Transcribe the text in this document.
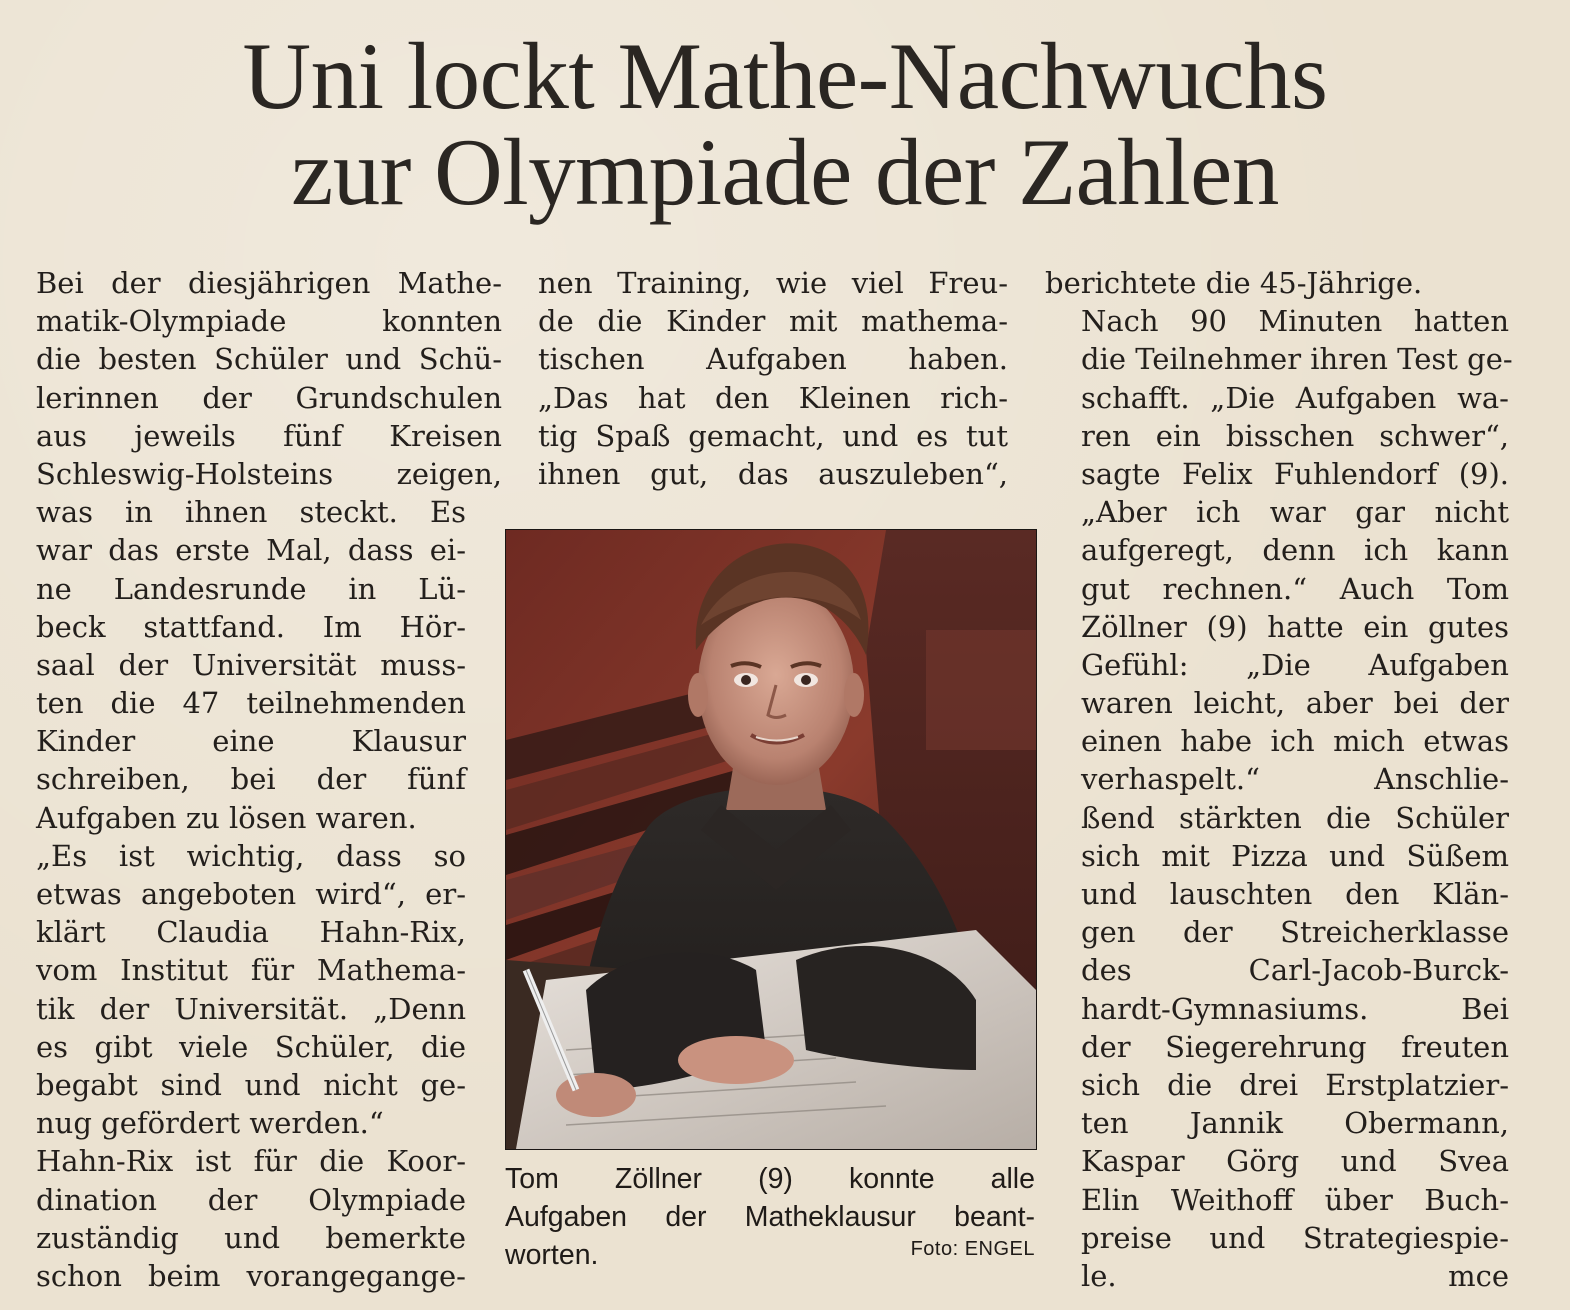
Uni lockt Mathe-Nachwuchs
zur Olympiade der Zahlen
Bei der diesjährigen Mathe-
matik-Olympiade konnten
die besten Schüler und Schü-
lerinnen der Grundschulen
aus jeweils fünf Kreisen
Schleswig-Holsteins zeigen,
was in ihnen steckt. Es
war das erste Mal, dass ei-
ne Landesrunde in Lü-
beck stattfand. Im Hör-
saal der Universität muss-
ten die 47 teilnehmenden
Kinder eine Klausur
schreiben, bei der fünf
Aufgaben zu lösen waren.
„Es ist wichtig, dass so
etwas angeboten wird“, er-
klärt Claudia Hahn-Rix,
vom Institut für Mathema-
tik der Universität. „Denn
es gibt viele Schüler, die
begabt sind und nicht ge-
nug gefördert werden.“
Hahn-Rix ist für die Koor-
dination der Olympiade
zuständig und bemerkte
schon beim vorangegange-
nen Training, wie viel Freu-
de die Kinder mit mathema-
tischen Aufgaben haben.
„Das hat den Kleinen rich-
tig Spaß gemacht, und es tut
ihnen gut, das auszuleben“,
Tom Zöllner (9) konnte alle
Aufgaben der Matheklausur beant-
worten.	Foto: ENGEL
berichtete die 45-Jährige.
Nach 90 Minuten hatten
die Teilnehmer ihren Test ge-
schafft. „Die Aufgaben wa-
ren ein bisschen schwer“,
sagte Felix Fuhlendorf (9).
„Aber ich war gar nicht
aufgeregt, denn ich kann
gut rechnen.“ Auch Tom
Zöllner (9) hatte ein gutes
Gefühl: „Die Aufgaben
waren leicht, aber bei der
einen habe ich mich etwas
verhaspelt.“ Anschlie-
ßend stärkten die Schüler
sich mit Pizza und Süßem
und lauschten den Klän-
gen der Streicherklasse
des Carl-Jacob-Burck-
hardt-Gymnasiums. Bei
der Siegerehrung freuten
sich die drei Erstplatzier-
ten Jannik Obermann,
Kaspar Görg und Svea
Elin Weithoff über Buch-
preise und Strategiespie-
le.	mce
